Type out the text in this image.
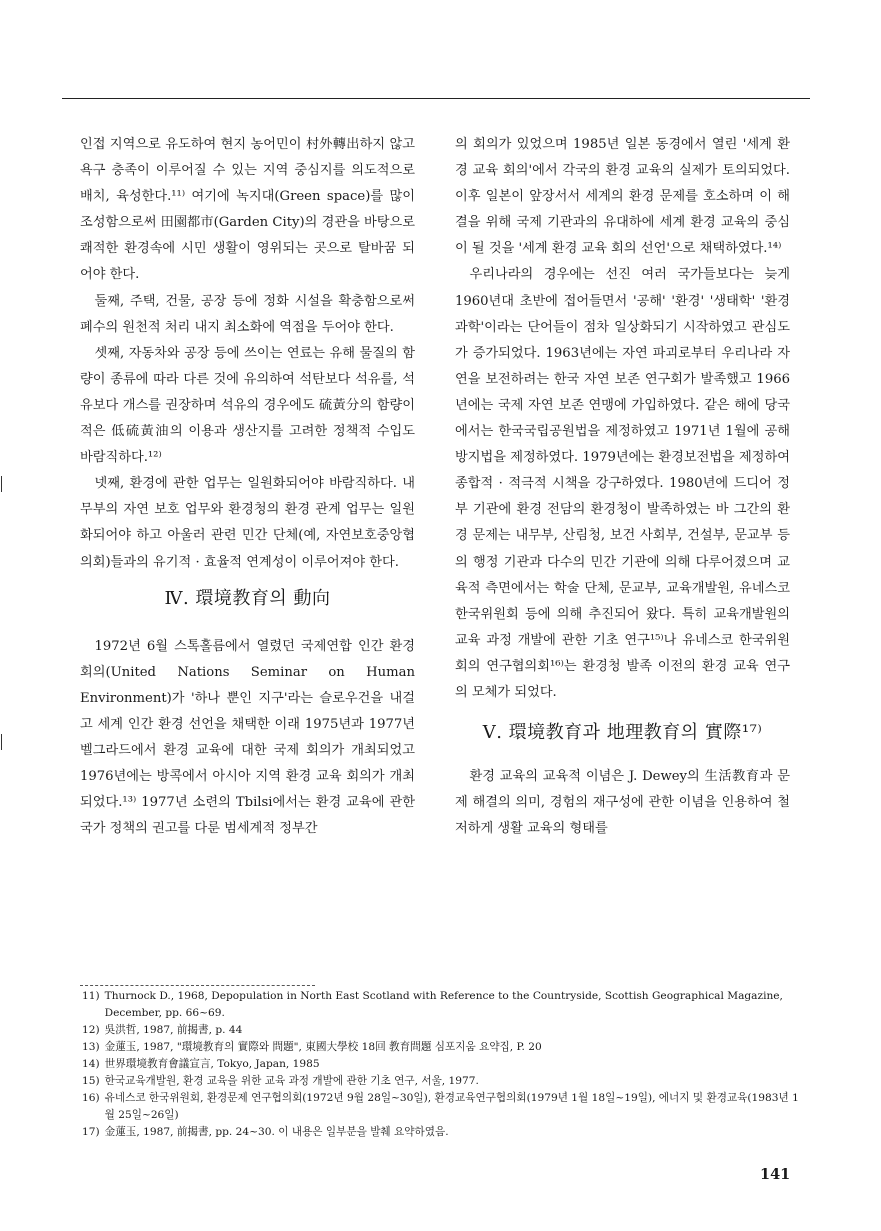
인접 지역으로 유도하여 현지 농어민이 村外轉出하지 않고 욕구 충족이 이루어질 수 있는 지역 중심지를 의도적으로 배치, 육성한다.¹¹⁾ 여기에 녹지대(Green space)를 많이 조성함으로써 田園都市(Garden City)의 경관을 바탕으로 쾌적한 환경속에 시민 생활이 영위되는 곳으로 탈바꿈 되어야 한다.

둘째, 주택, 건물, 공장 등에 정화 시설을 확충함으로써 폐수의 원천적 처리 내지 최소화에 역점을 두어야 한다.

셋째, 자동차와 공장 등에 쓰이는 연료는 유해 물질의 함량이 종류에 따라 다른 것에 유의하여 석탄보다 석유를, 석유보다 개스를 권장하며 석유의 경우에도 硫黃分의 함량이 적은 低硫黃油의 이용과 생산지를 고려한 정책적 수입도 바람직하다.¹²⁾

넷째, 환경에 관한 업무는 일원화되어야 바람직하다. 내무부의 자연 보호 업무와 환경청의 환경 관계 업무는 일원화되어야 하고 아울러 관련 민간 단체(예, 자연보호중앙협의회)들과의 유기적 · 효율적 연계성이 이루어져야 한다.

Ⅳ. 環境教育의 動向

1972년 6월 스톡홀름에서 열렸던 국제연합 인간 환경 회의(United Nations Seminar on Human Environment)가 '하나 뿐인 지구'라는 슬로우건을 내걸고 세계 인간 환경 선언을 채택한 이래 1975년과 1977년 벨그라드에서 환경 교육에 대한 국제 회의가 개최되었고 1976년에는 방콕에서 아시아 지역 환경 교육 회의가 개최되었다.¹³⁾ 1977년 소련의 Tbilsi에서는 환경 교육에 관한 국가 정책의 권고를 다룬 범세계적 정부간

의 회의가 있었으며 1985년 일본 동경에서 열린 '세계 환경 교육 회의'에서 각국의 환경 교육의 실제가 토의되었다. 이후 일본이 앞장서서 세계의 환경 문제를 호소하며 이 해결을 위해 국제 기관과의 유대하에 세계 환경 교육의 중심이 될 것을 '세계 환경 교육 회의 선언'으로 채택하였다.¹⁴⁾

우리나라의 경우에는 선진 여러 국가들보다는 늦게 1960년대 초반에 접어들면서 '공해' '환경' '생태학' '환경과학'이라는 단어들이 점차 일상화되기 시작하였고 관심도가 증가되었다. 1963년에는 자연 파괴로부터 우리나라 자연을 보전하려는 한국 자연 보존 연구회가 발족했고 1966년에는 국제 자연 보존 연맹에 가입하였다. 같은 해에 당국에서는 한국국립공원법을 제정하였고 1971년 1월에 공해방지법을 제정하였다. 1979년에는 환경보전법을 제정하여 종합적 · 적극적 시책을 강구하였다. 1980년에 드디어 정부 기관에 환경 전담의 환경청이 발족하였는 바 그간의 환경 문제는 내무부, 산림청, 보건 사회부, 건설부, 문교부 등의 행정 기관과 다수의 민간 기관에 의해 다루어졌으며 교육적 측면에서는 학술 단체, 문교부, 교육개발원, 유네스코 한국위원회 등에 의해 추진되어 왔다. 특히 교육개발원의 교육 과정 개발에 관한 기초 연구¹⁵⁾나 유네스코 한국위원회의 연구협의회¹⁶⁾는 환경청 발족 이전의 환경 교육 연구의 모체가 되었다.

Ⅴ. 環境教育과 地理教育의 實際¹⁷⁾

환경 교육의 교육적 이념은 J. Dewey의 生活教育과 문제 해결의 의미, 경험의 재구성에 관한 이념을 인용하여 철저하게 생활 교육의 형태를

11) Thurnock D., 1968, Depopulation in North East Scotland with Reference to the Countryside, Scottish Geographical Magazine, December, pp. 66~69.
12) 吳洪哲, 1987, 前揭書, p. 44
13) 金蓮玉, 1987, "環境教育의 實際와 問題", 東國大學校 18回 教育問題 심포지움 요약집, P. 20
14) 世界環境教育會議宣言, Tokyo, Japan, 1985
15) 한국교육개발원, 환경 교육을 위한 교육 과정 개발에 관한 기초 연구, 서울, 1977.
16) 유네스코 한국위원회, 환경문제 연구협의회(1972년 9월 28일~30일), 환경교육연구협의회(1979년 1월 18일~19일), 에너지 및 환경교육(1983년 1월 25일~26일)
17) 金蓮玉, 1987, 前揭書, pp. 24~30. 이 내용은 일부분을 발췌 요약하였음.
141
